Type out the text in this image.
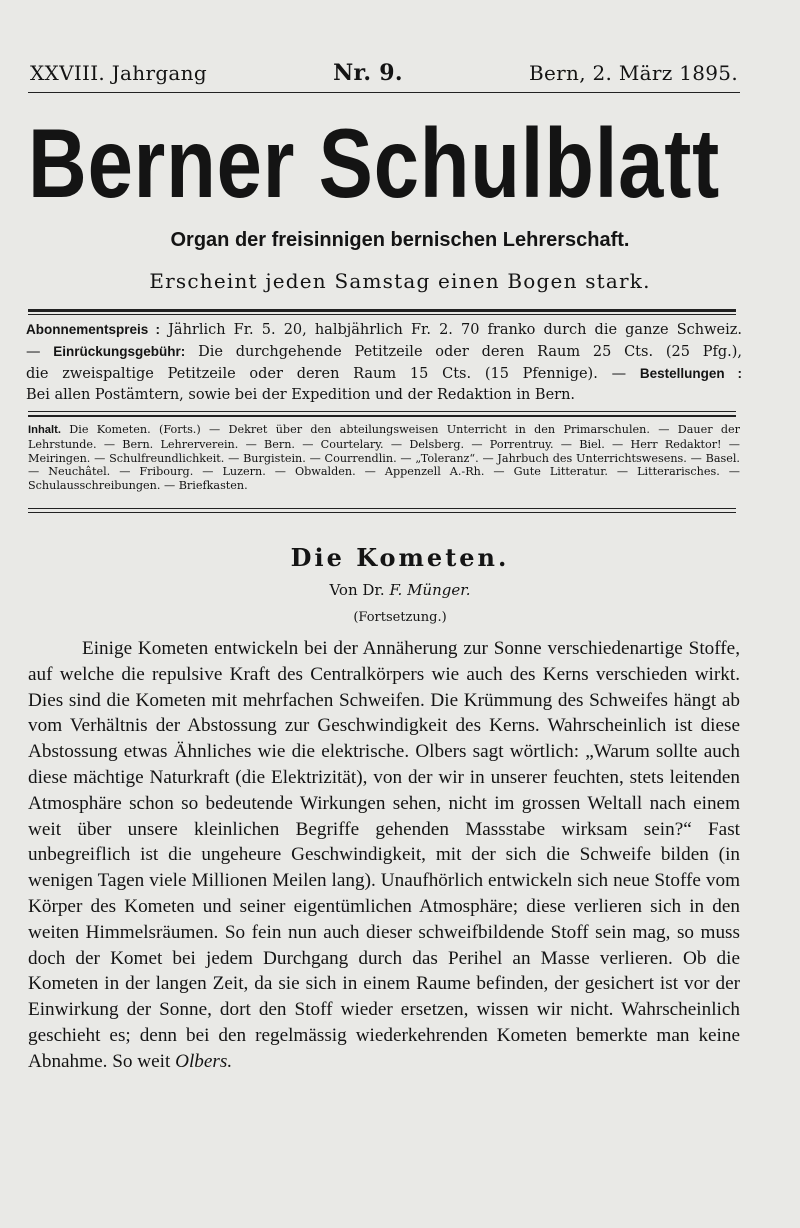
XXVIII. Jahrgang	Nr. 9.	Bern, 2. März 1895.
Berner Schulblatt
Organ der freisinnigen bernischen Lehrerschaft.
Erscheint jeden Samstag einen Bogen stark.
Abonnementspreis : Jährlich Fr. 5. 20, halbjährlich Fr. 2. 70 franko durch die ganze Schweiz.
— Einrückungsgebühr: Die durchgehende Petitzeile oder deren Raum 25 Cts. (25 Pfg.),
die zweispaltige Petitzeile oder deren Raum 15 Cts. (15 Pfennige). — Bestellungen :
Bei allen Postämtern, sowie bei der Expedition und der Redaktion in Bern.
Inhalt. Die Kometen. (Forts.) — Dekret über den abteilungsweisen Unterricht in den Primarschulen. — Dauer der Lehrstunde. — Bern. Lehrerverein. — Bern. — Courtelary. — Delsberg. — Porrentruy. — Biel. — Herr Redaktor! — Meiringen. — Schulfreundlichkeit. — Burgistein. — Courrendlin. — „Toleranz“. — Jahrbuch des Unterrichtswesens. — Basel. — Neuchâtel. — Fribourg. — Luzern. — Obwalden. — Appenzell A.-Rh. — Gute Litteratur. — Litterarisches. — Schulausschreibungen. — Briefkasten.
Die Kometen.
Von Dr. F. Münger.
(Fortsetzung.)
Einige Kometen entwickeln bei der Annäherung zur Sonne verschiedenartige Stoffe, auf welche die repulsive Kraft des Centralkörpers wie auch des Kerns verschieden wirkt. Dies sind die Kometen mit mehrfachen Schweifen. Die Krümmung des Schweifes hängt ab vom Verhältnis der Abstossung zur Geschwindigkeit des Kerns. Wahrscheinlich ist diese Abstossung etwas Ähnliches wie die elektrische. Olbers sagt wörtlich: „Warum sollte auch diese mächtige Naturkraft (die Elektrizität), von der wir in unserer feuchten, stets leitenden Atmosphäre schon so bedeutende Wirkungen sehen, nicht im grossen Weltall nach einem weit über unsere kleinlichen Begriffe gehenden Massstabe wirksam sein?“ Fast unbegreiflich ist die ungeheure Geschwindigkeit, mit der sich die Schweife bilden (in wenigen Tagen viele Millionen Meilen lang). Unaufhörlich entwickeln sich neue Stoffe vom Körper des Kometen und seiner eigentümlichen Atmosphäre; diese verlieren sich in den weiten Himmelsräumen. So fein nun auch dieser schweifbildende Stoff sein mag, so muss doch der Komet bei jedem Durchgang durch das Perihel an Masse verlieren. Ob die Kometen in der langen Zeit, da sie sich in einem Raume befinden, der gesichert ist vor der Einwirkung der Sonne, dort den Stoff wieder ersetzen, wissen wir nicht. Wahrscheinlich geschieht es; denn bei den regelmässig wiederkehrenden Kometen bemerkte man keine Abnahme. So weit Olbers.
